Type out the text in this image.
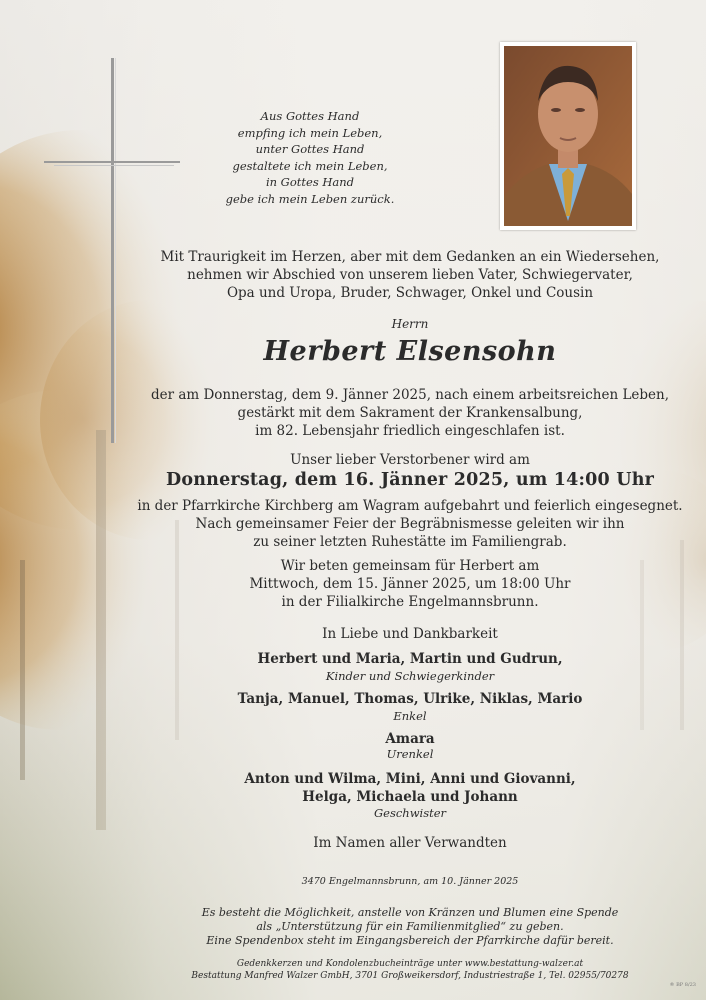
Aus Gottes Hand
empfing ich mein Leben,
unter Gottes Hand
gestaltete ich mein Leben,
in Gottes Hand
gebe ich mein Leben zurück.
Mit Traurigkeit im Herzen, aber mit dem Gedanken an ein Wiedersehen,
nehmen wir Abschied von unserem lieben Vater, Schwiegervater,
Opa und Uropa, Bruder, Schwager, Onkel und Cousin
Herrn
Herbert Elsensohn
der am Donnerstag, dem 9. Jänner 2025, nach einem arbeitsreichen Leben,
gestärkt mit dem Sakrament der Krankensalbung,
im 82. Lebensjahr friedlich eingeschlafen ist.
Unser lieber Verstorbener wird am
Donnerstag, dem 16. Jänner 2025, um 14:00 Uhr
in der Pfarrkirche Kirchberg am Wagram aufgebahrt und feierlich eingesegnet.
Nach gemeinsamer Feier der Begräbnismesse geleiten wir ihn
zu seiner letzten Ruhestätte im Familiengrab.
Wir beten gemeinsam für Herbert am
Mittwoch, dem 15. Jänner 2025, um 18:00 Uhr
in der Filialkirche Engelmannsbrunn.
In Liebe und Dankbarkeit
Herbert und Maria, Martin und Gudrun,
Kinder und Schwiegerkinder
Tanja, Manuel, Thomas, Ulrike, Niklas, Mario
Enkel
Amara
Urenkel
Anton und Wilma, Mini, Anni und Giovanni,
Helga, Michaela und Johann
Geschwister
Im Namen aller Verwandten
3470 Engelmannsbrunn, am 10. Jänner 2025
Es besteht die Möglichkeit, anstelle von Kränzen und Blumen eine Spende
als „Unterstützung für ein Familienmitglied“ zu geben.
Eine Spendenbox steht im Eingangsbereich der Pfarrkirche dafür bereit.
Gedenkkerzen und Kondolenzbucheinträge unter www.bestattung-walzer.at
Bestattung Manfred Walzer GmbH, 3701 Großweikersdorf, Industriestraße 1, Tel. 02955/70278
® BP 8/23
